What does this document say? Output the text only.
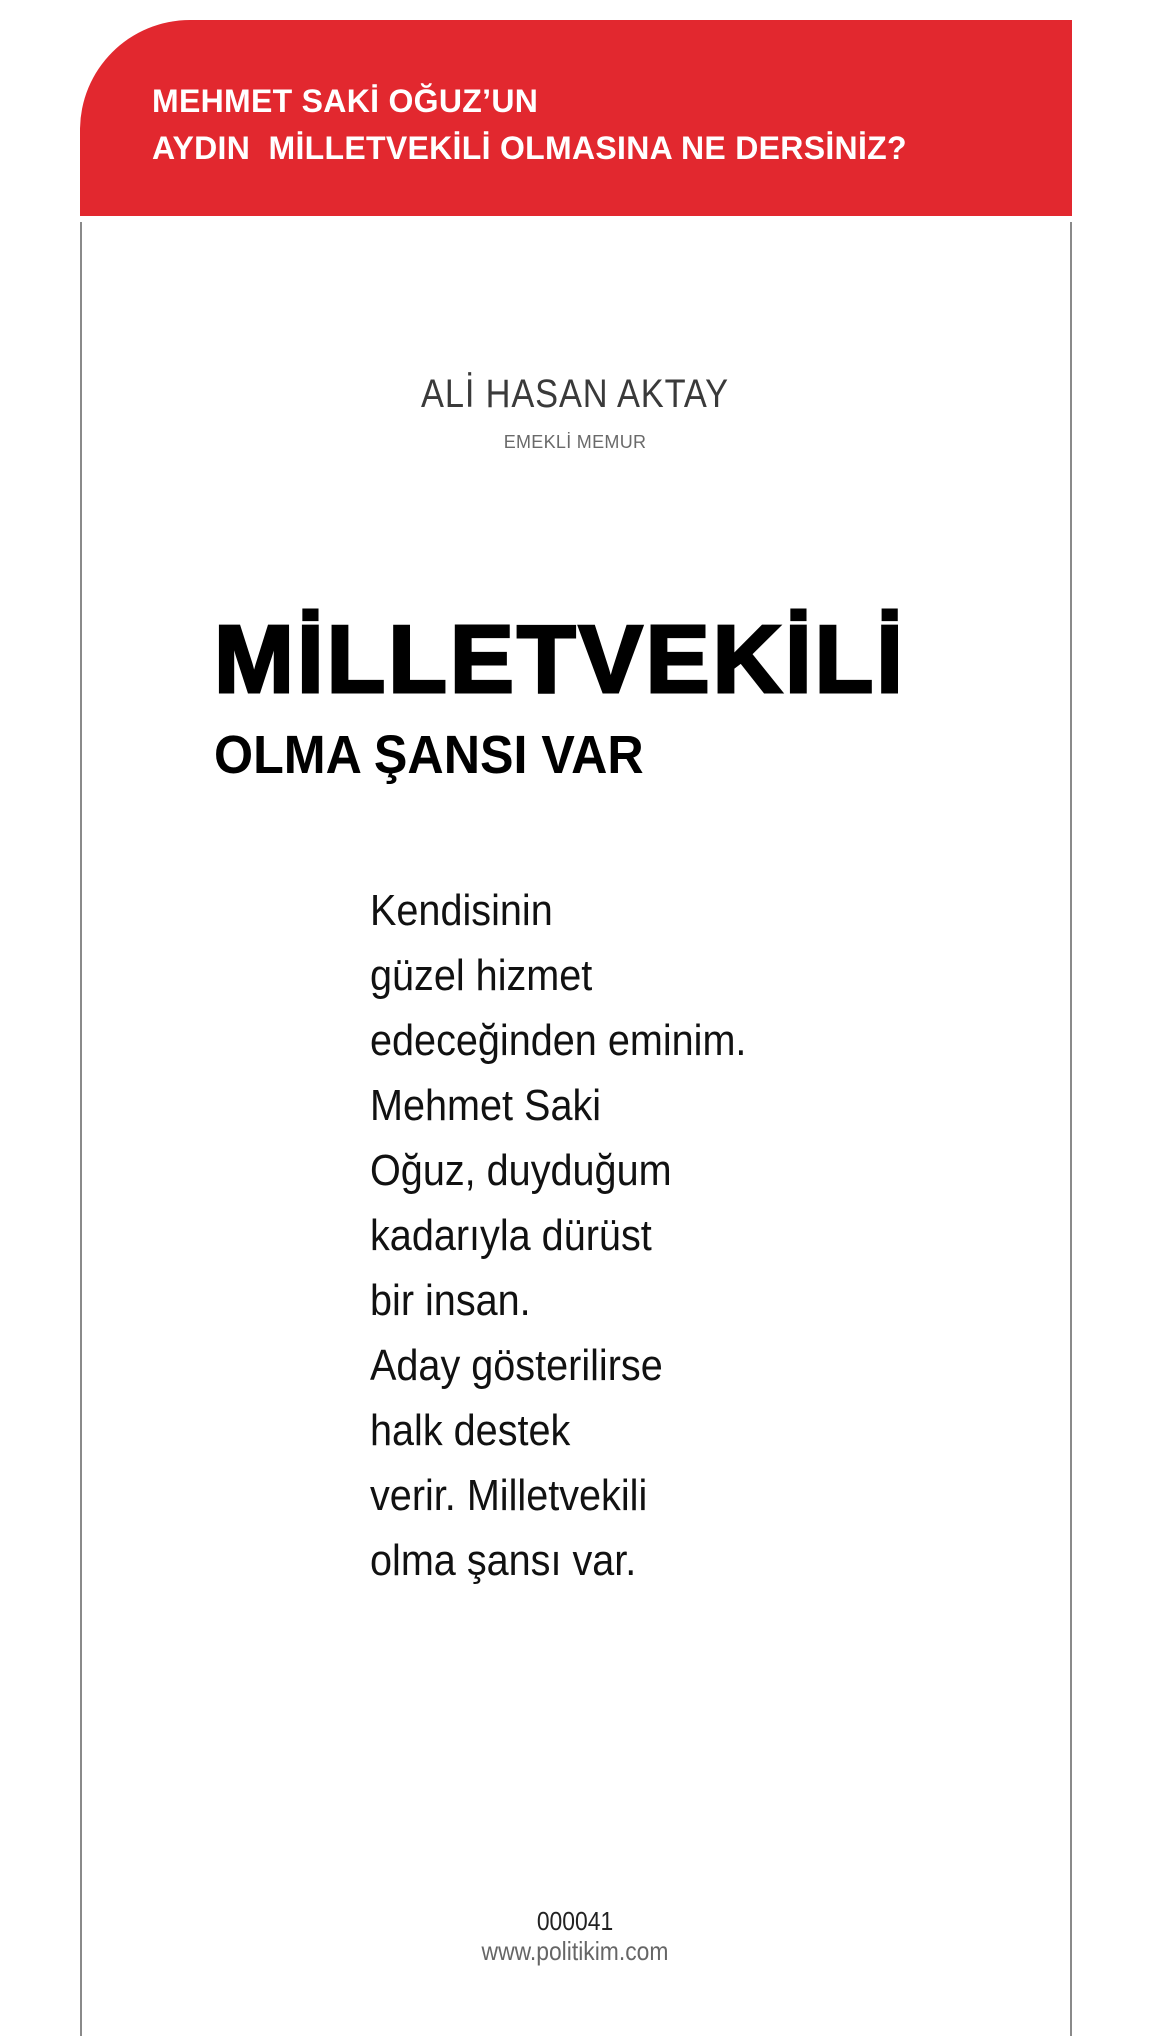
MEHMET SAKİ OĞUZ’UN
AYDIN  MİLLETVEKİLİ OLMASINA NE DERSİNİZ?
ALİ HASAN AKTAY
EMEKLİ MEMUR
MİLLETVEKİLİ
OLMA ŞANSI VAR
Kendisinin
güzel hizmet
edeceğinden eminim.
Mehmet Saki
Oğuz, duyduğum
kadarıyla dürüst
bir insan.
Aday gösterilirse
halk destek
verir. Milletvekili
olma şansı var.
000041
www.politikim.com
